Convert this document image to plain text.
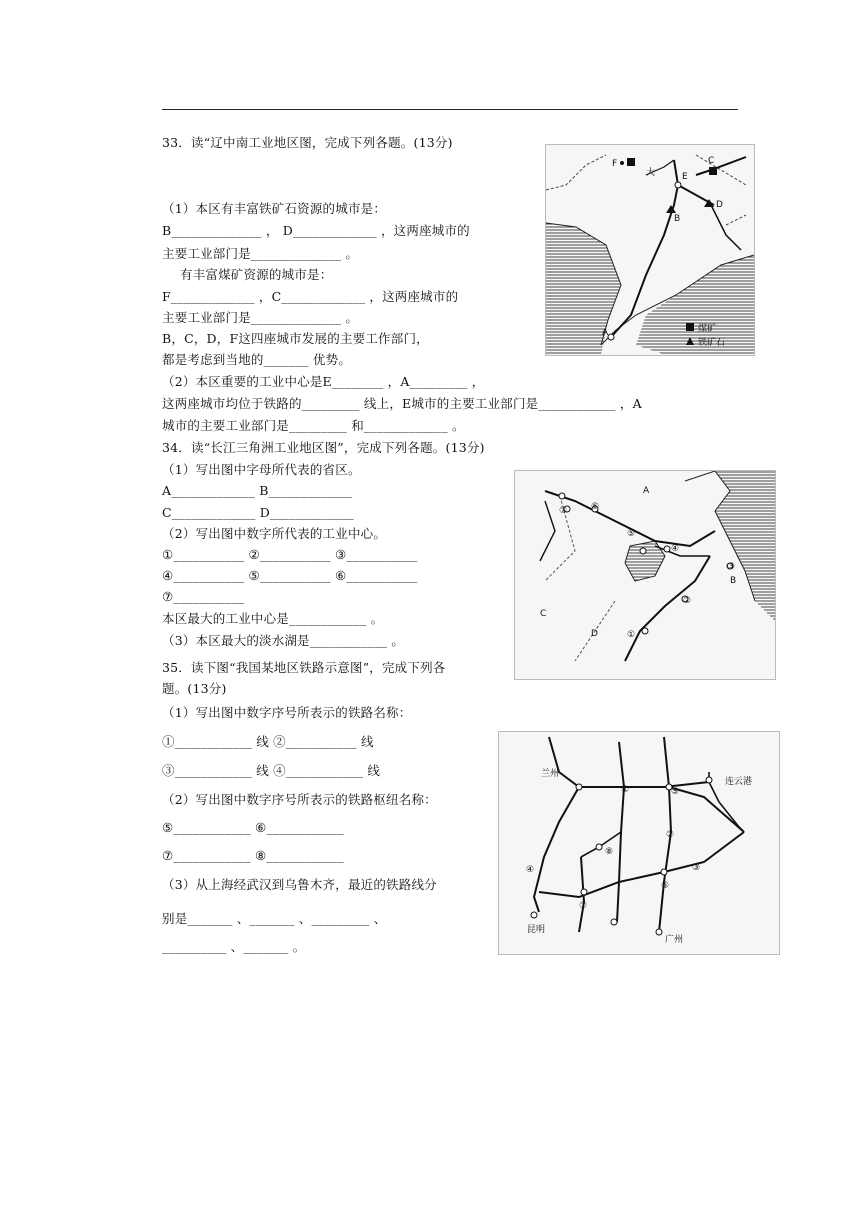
33．读“辽中南工业地区图，完成下列各题。(13分)
（1）本区有丰富铁矿石资源的城市是：
B______________ ， D_____________ ，这两座城市的
主要工业部门是______________ 。
有丰富煤矿资源的城市是：
F_____________ ，C_____________ ，这两座城市的
主要工业部门是______________ 。
B，C，D，F这四座城市发展的主要工作部门，
都是考虑到当地的_______ 优势。
（2）本区重要的工业中心是E________ ，A_________ ，
这两座城市均位于铁路的_________ 线上，E城市的主要工业部门是____________ ，A
城市的主要工业部门是_________ 和_____________ 。
F	C
E
B
D
A
大
煤矿
铁矿石
34．读“长江三角洲工业地区图”，完成下列各题。(13分)
（1）写出图中字母所代表的省区。
A_____________ B_____________
C_____________ D_____________
（2）写出图中数字所代表的工业中心。
①___________ ②___________ ③___________
④___________ ⑤___________ ⑥___________
⑦___________
本区最大的工业中心是____________ 。
（3）本区最大的淡水湖是____________ 。
A
B
C
D	①
②
③
④
⑤
⑥
⑦
35．读下图“我国某地区铁路示意图”，完成下列各
题。(13分)
（1）写出图中数字序号所表示的铁路名称：
①____________ 线 ②___________ 线
③____________ 线 ④____________ 线
（2）写出图中数字序号所表示的铁路枢纽名称：
⑤____________ ⑥____________
⑦____________ ⑧____________
（3）从上海经武汉到乌鲁木齐，最近的铁路线分
别是_______ 、_______ 、_________ 、
__________ 、_______ 。
兰州
连云港
昆明
广州
①
②
③
④
⑤
⑥
⑦
⑧
